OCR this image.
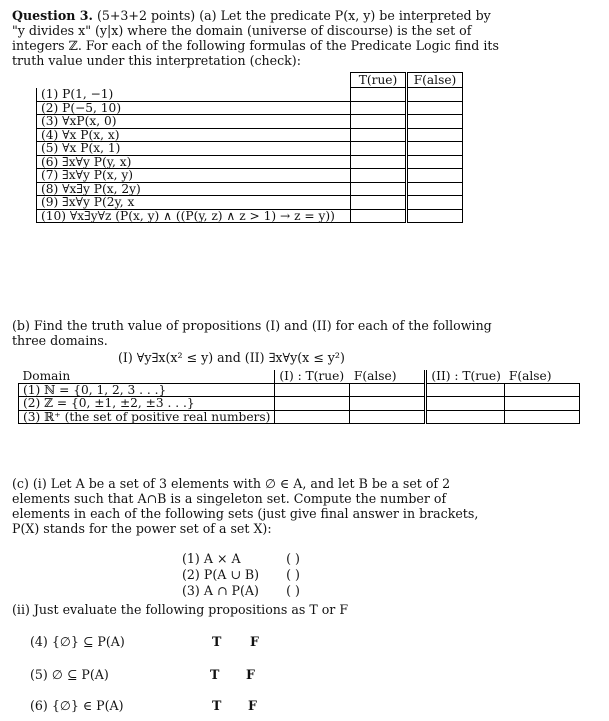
Question 3. (5+3+2 points) (a) Let the predicate P(x, y) be interpreted by "y divides x" (y|x) where the domain (universe of discourse) is the set of integers ℤ. For each of the following formulas of the Predicate Logic find its truth value under this interpretation (check):
	T(rue)	F(alse)
(1) P(1, −1)		
(2) P(−5, 10)		
(3) ∀xP(x, 0)		
(4) ∀x P(x, x)		
(5) ∀x P(x, 1)		
(6) ∃x∀y P(y, x)		
(7) ∃x∀y P(x, y)		
(8) ∀x∃y P(x, 2y)		
(9) ∃x∀y P(2y, x		
(10) ∀x∃y∀z (P(x, y) ∧ ((P(y, z) ∧ z > 1) → z = y))		
(b) Find the truth value of propositions (I) and (II) for each of the following three domains.
(I) ∀y∃x(x² ≤ y) and (II) ∃x∀y(x ≤ y²)
Domain	(I) : T(rue)	F(alse)	(II) : T(rue)	F(alse)
(1) ℕ = {0, 1, 2, 3 . . .}				
(2) ℤ = {0, ±1, ±2, ±3 . . .}				
(3) ℝ⁺ (the set of positive real numbers)				
(c) (i) Let A be a set of 3 elements with ∅ ∈ A, and let B be a set of 2 elements such that A∩B is a singeleton set. Compute the number of elements in each of the following sets (just give final answer in brackets, P(X) stands for the power set of a set X):
(1) A × A	( )
(2) P(A ∪ B) ( )
(3) A ∩ P(A) ( )
(ii) Just evaluate the following propositions as T or F
(4) {∅} ⊆ P(A)	T F
(5) ∅ ⊆ P(A)	T F
(6) {∅} ∈ P(A)	T F
